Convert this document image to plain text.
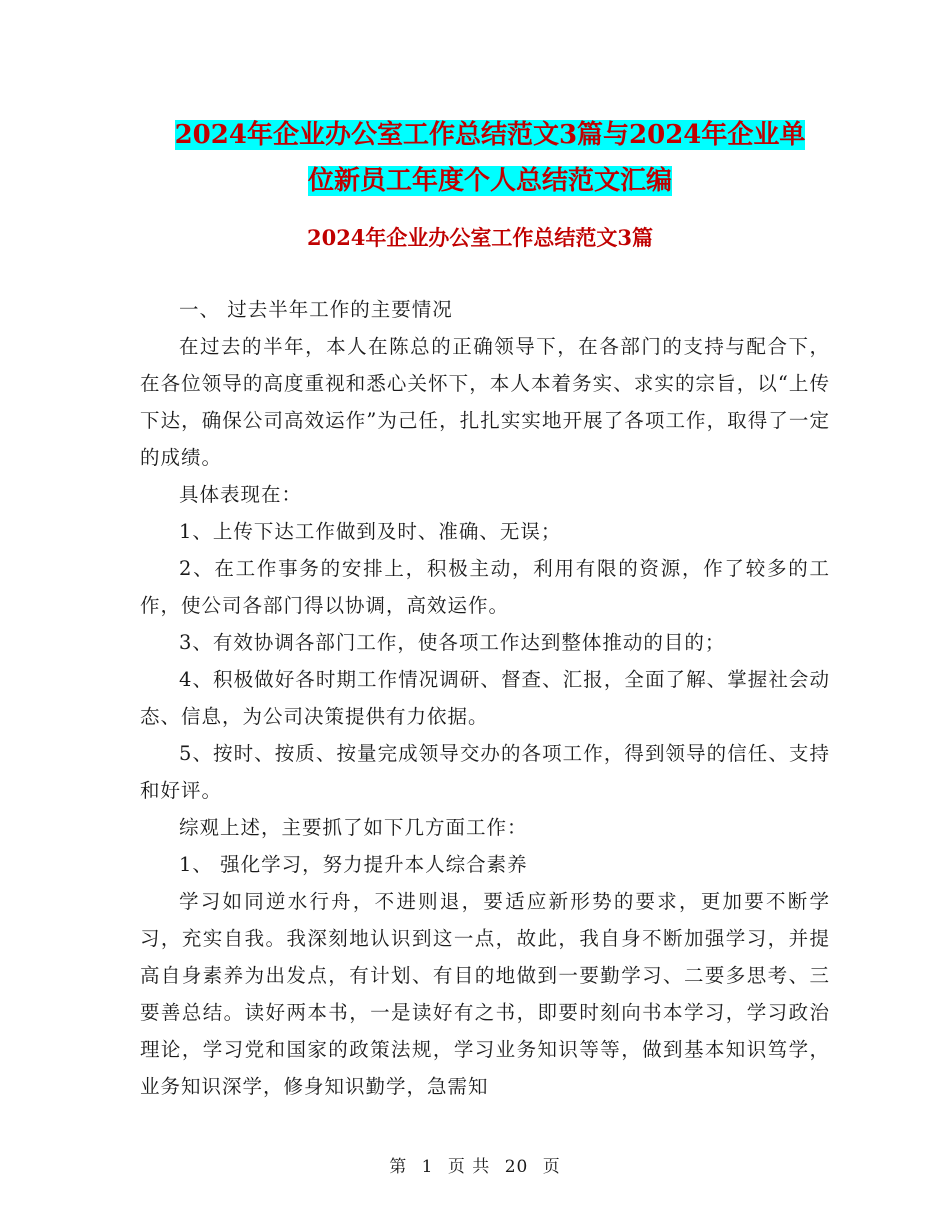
2024年企业办公室工作总结范文3篇与2024年企业单
位新员工年度个人总结范文汇编
2024年企业办公室工作总结范文3篇

一、 过去半年工作的主要情况

在过去的半年，本人在陈总的正确领导下，在各部门的支持与配合下，在各位领导的高度重视和悉心关怀下，本人本着务实、求实的宗旨，以“上传下达，确保公司高效运作”为己任，扎扎实实地开展了各项工作，取得了一定的成绩。

具体表现在：

1、上传下达工作做到及时、准确、无误；

2、在工作事务的安排上，积极主动，利用有限的资源，作了较多的工作，使公司各部门得以协调，高效运作。

3、有效协调各部门工作，使各项工作达到整体推动的目的；

4、积极做好各时期工作情况调研、督查、汇报，全面了解、掌握社会动态、信息，为公司决策提供有力依据。

5、按时、按质、按量完成领导交办的各项工作，得到领导的信任、支持和好评。

综观上述，主要抓了如下几方面工作：

1、 强化学习，努力提升本人综合素养

学习如同逆水行舟，不进则退，要适应新形势的要求，更加要不断学习，充实自我。我深刻地认识到这一点，故此，我自身不断加强学习，并提高自身素养为出发点，有计划、有目的地做到一要勤学习、二要多思考、三要善总结。读好两本书，一是读好有之书，即要时刻向书本学习，学习政治理论，学习党和国家的政策法规，学习业务知识等等，做到基本知识笃学，业务知识深学，修身知识勤学，急需知

第 1 页 共 20 页
